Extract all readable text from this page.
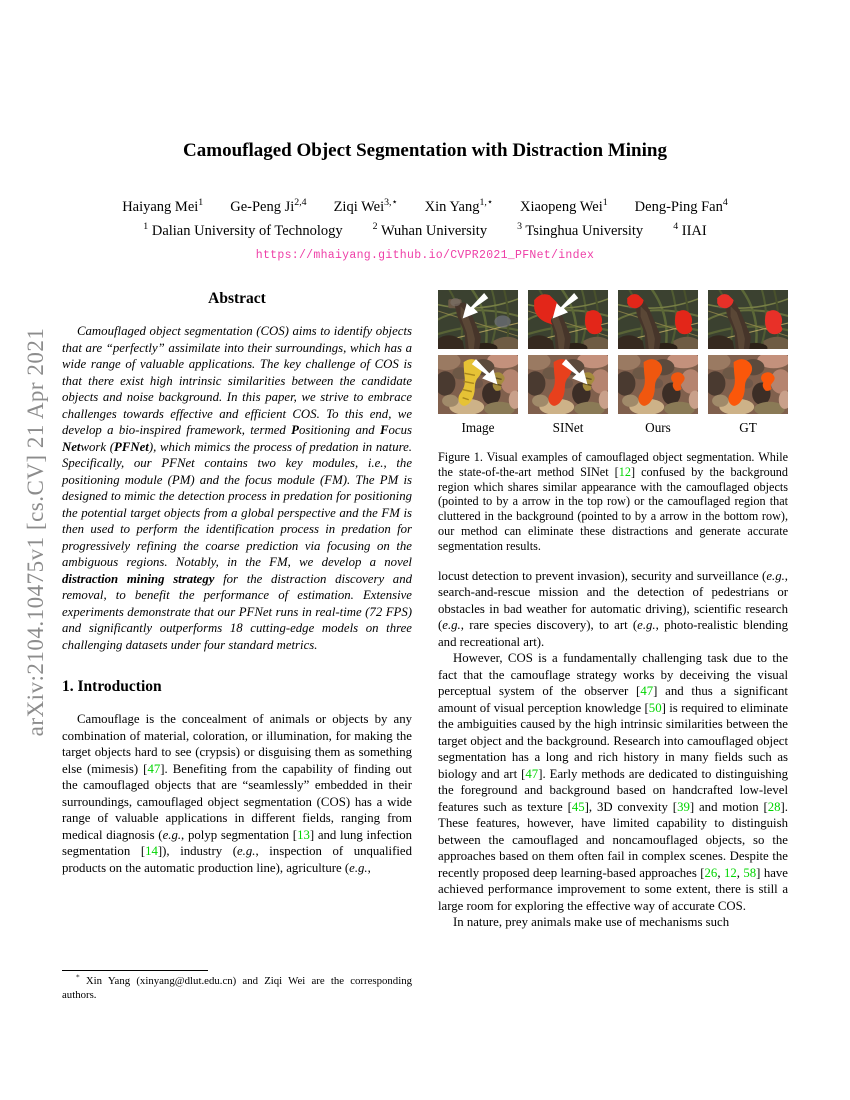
arXiv:2104.10475v1 [cs.CV] 21 Apr 2021
Camouflaged Object Segmentation with Distraction Mining
Haiyang Mei$^1$ Ge-Peng Ji$^{2,4}$ Ziqi Wei$^{3,⋆}$ Xin Yang$^{1,⋆}$ Xiaopeng Wei$^1$ Deng-Ping Fan$^4$
$^1$ Dalian University of Technology	$^2$ Wuhan University	$^3$ Tsinghua University	$^4$ IIAI
https://mhaiyang.github.io/CVPR2021_PFNet/index
Abstract

Camouflaged object segmentation (COS) aims to identify objects that are “perfectly” assimilate into their surroundings, which has a wide range of valuable applications. The key challenge of COS is that there exist high intrinsic similarities between the candidate objects and noise background. In this paper, we strive to embrace challenges towards effective and efficient COS. To this end, we develop a bio-inspired framework, termed Positioning and Focus Network (PFNet), which mimics the process of predation in nature. Specifically, our PFNet contains two key modules, i.e., the positioning module (PM) and the focus module (FM). The PM is designed to mimic the detection process in predation for positioning the potential target objects from a global perspective and the FM is then used to perform the identification process in predation for progressively refining the coarse prediction via focusing on the ambiguous regions. Notably, in the FM, we develop a novel distraction mining strategy for the distraction discovery and removal, to benefit the performance of estimation. Extensive experiments demonstrate that our PFNet runs in real-time (72 FPS) and significantly outperforms 18 cutting-edge models on three challenging datasets under four standard metrics.

1. Introduction

Camouflage is the concealment of animals or objects by any combination of material, coloration, or illumination, for making the target objects hard to see (crypsis) or disguising them as something else (mimesis) [47]. Benefiting from the capability of finding out the camouflaged objects that are “seamlessly” embedded in their surroundings, camouflaged object segmentation (COS) has a wide range of valuable applications in different fields, ranging from medical diagnosis (e.g., polyp segmentation [13] and lung infection segmentation [14]), industry (e.g., inspection of unqualified products on the automatic production line), agriculture (e.g.,

* Xin Yang (xinyang@dlut.edu.cn) and Ziqi Wei are the corresponding authors.

Image	SINet	Ours	GT
Figure 1. Visual examples of camouflaged object segmentation. While the state-of-the-art method SINet [12] confused by the background region which shares similar appearance with the camouflaged objects (pointed to by a arrow in the top row) or the camouflaged region that cluttered in the background (pointed to by a arrow in the bottom row), our method can eliminate these distractions and generate accurate segmentation results.

locust detection to prevent invasion), security and surveillance (e.g., search-and-rescue mission and the detection of pedestrians or obstacles in bad weather for automatic driving), scientific research (e.g., rare species discovery), to art (e.g., photo-realistic blending and recreational art).

However, COS is a fundamentally challenging task due to the fact that the camouflage strategy works by deceiving the visual perceptual system of the observer [47] and thus a significant amount of visual perception knowledge [50] is required to eliminate the ambiguities caused by the high intrinsic similarities between the target object and the background. Research into camouflaged object segmentation has a long and rich history in many fields such as biology and art [47]. Early methods are dedicated to distinguishing the foreground and background based on handcrafted low-level features such as texture [45], 3D convexity [39] and motion [28]. These features, however, have limited capability to distinguish between the camouflaged and noncamouflaged objects, so the approaches based on them often fail in complex scenes. Despite the recently proposed deep learning-based approaches [26, 12, 58] have achieved performance improvement to some extent, there is still a large room for exploring the effective way of accurate COS.

In nature, prey animals make use of mechanisms such
